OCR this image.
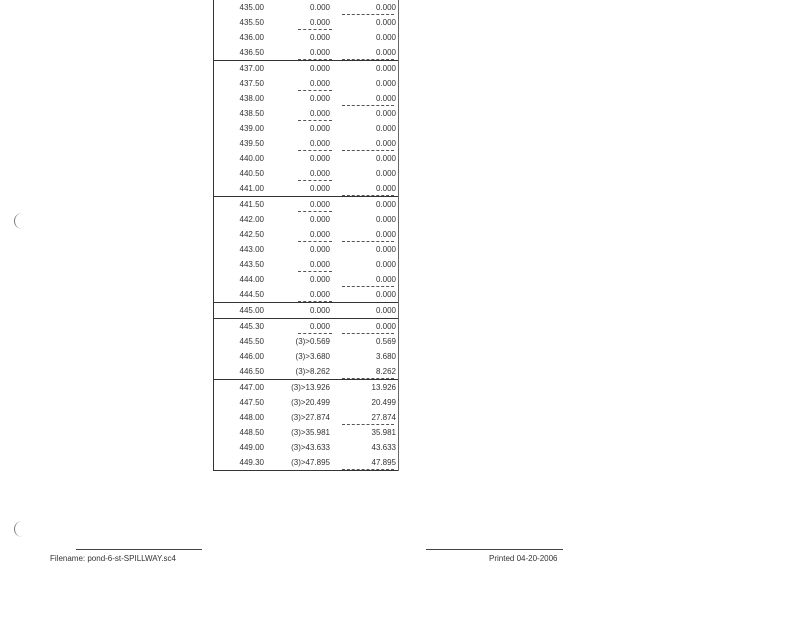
435.00	0.000	0.000
435.50	0.000	0.000
436.00	0.000	0.000
436.50	0.000	0.000
437.00	0.000	0.000
437.50	0.000	0.000
438.00	0.000	0.000
438.50	0.000	0.000
439.00	0.000	0.000
439.50	0.000	0.000
440.00	0.000	0.000
440.50	0.000	0.000
441.00	0.000	0.000
441.50	0.000	0.000
442.00	0.000	0.000
442.50	0.000	0.000
443.00	0.000	0.000
443.50	0.000	0.000
444.00	0.000	0.000
444.50	0.000	0.000
445.00	0.000	0.000
445.30	0.000	0.000
445.50	(3)>0.569	0.569
446.00	(3)>3.680	3.680
446.50	(3)>8.262	8.262
447.00	(3)>13.926	13.926
447.50	(3)>20.499	20.499
448.00	(3)>27.874	27.874
448.50	(3)>35.981	35.981
449.00	(3)>43.633	43.633
449.30	(3)>47.895	47.895
Filename: pond-6-st-SPILLWAY.sc4	Printed 04-20-2006
